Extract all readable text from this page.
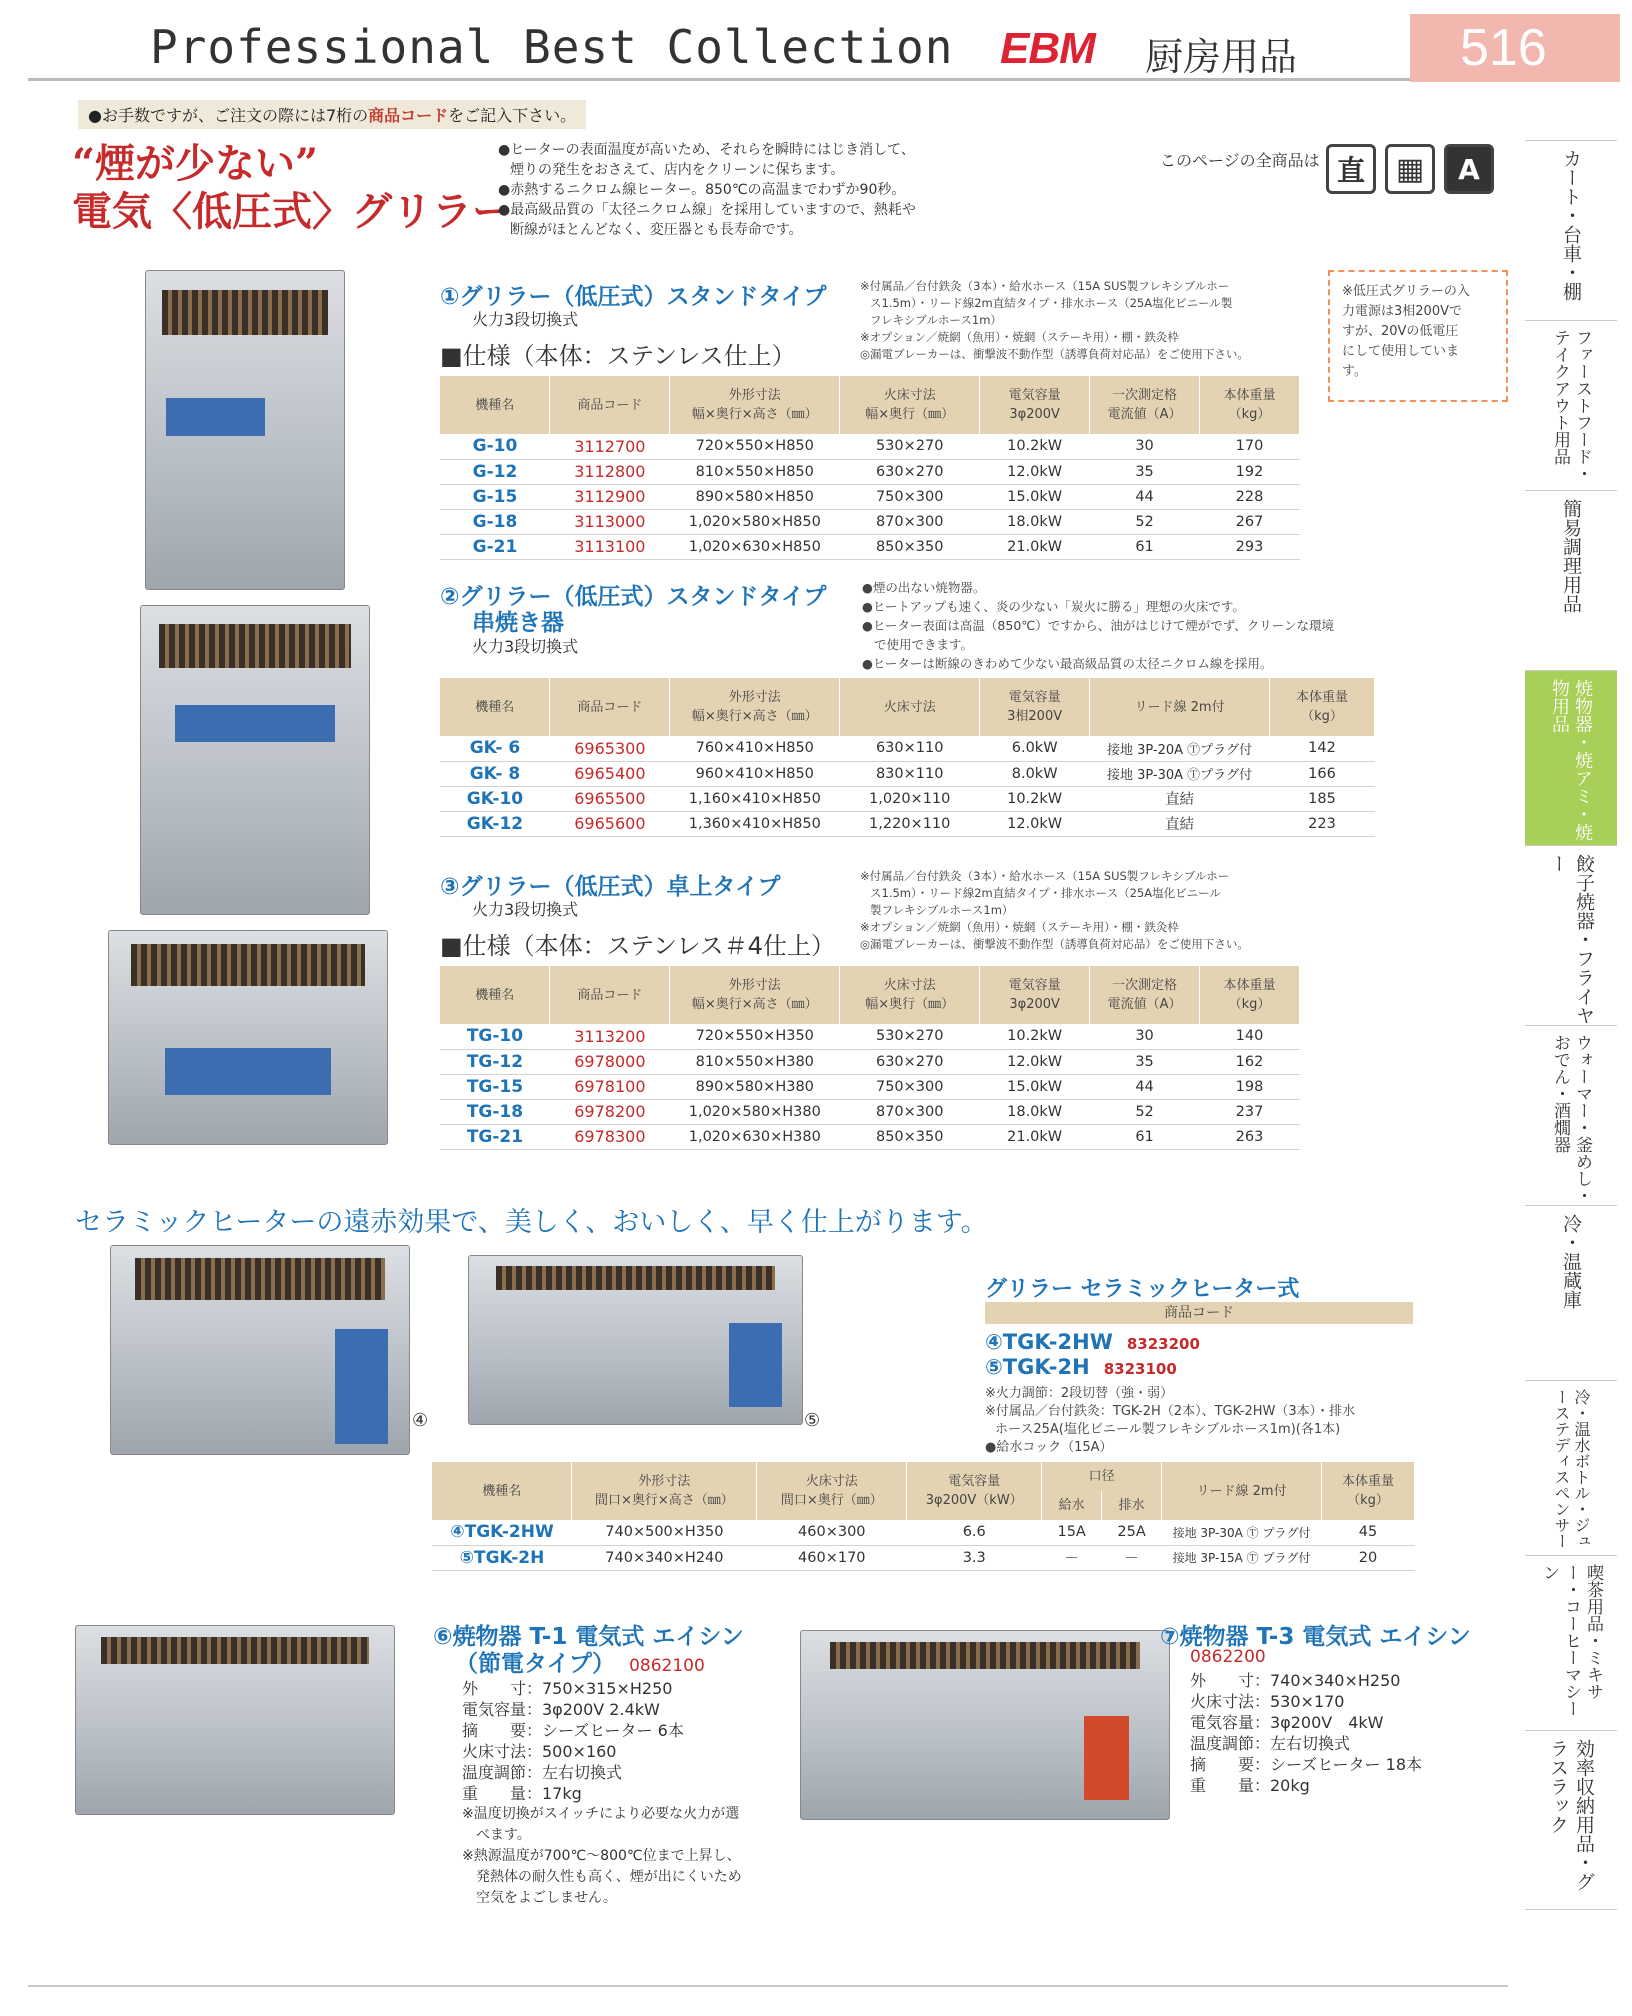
Professional Best Collection EBM 厨房用品	516
●お手数ですが、ご注文の際には7桁の商品コードをご記入下さい。
“煙が少ない”
電気〈低圧式〉グリラー
●ヒーターの表面温度が高いため、それらを瞬時にはじき消して、
煙りの発生をおさえて、店内をクリーンに保ちます。
●赤熱するニクロム線ヒーター。850℃の高温までわずか90秒。
●最高級品質の「太径ニクロム線」を採用していますので、熱耗や
断線がほとんどなく、変圧器とも長寿命です。
このページの全商品は 直	▦	A
※低圧式グリラーの入
力電源は3相200Vで
すが、20Vの低電圧
にして使用していま
す。
カート・台車・棚
ファーストフード・テイクアウト用品
簡易調理用品
焼物器・焼アミ・焼物用品
餃子焼器・フライヤー
ウォーマー・釜めし・おでん・酒燗器
冷・温蔵庫
冷・温水ボトル・ジューステディスペンサー
喫茶用品・ミキサー・コーヒーマシーン
効率収納用品・グラスラック
④	⑤
①グリラー（低圧式）スタンドタイプ
火力3段切換式
■仕様（本体：ステンレス仕上）
※付属品／台付鉄灸（3本）・給水ホース（15A SUS製フレキシブルホー
ス1.5m）・リード線2m直結タイプ・排水ホース（25A塩化ビニール製
フレキシブルホース1m）
※オプション／焼網（魚用）・焼網（ステーキ用）・棚・鉄灸枠
◎漏電ブレーカーは、衝撃波不動作型（誘導負荷対応品）をご使用下さい。
機種名	商品コード	外形寸法
幅×奥行×高さ（㎜）	火床寸法
幅×奥行（㎜）	電気容量
3φ200V	一次測定格
電流値（A）	本体重量
（kg）
G-10	3112700	720×550×H850	530×270	10.2kW	30	170
G-12	3112800	810×550×H850	630×270	12.0kW	35	192
G-15	3112900	890×580×H850	750×300	15.0kW	44	228
G-18	3113000	1,020×580×H850	870×300	18.0kW	52	267
G-21	3113100	1,020×630×H850	850×350	21.0kW	61	293
②グリラー（低圧式）スタンドタイプ
串焼き器
火力3段切換式
●煙の出ない焼物器。
●ヒートアップも速く、炎の少ない「炭火に勝る」理想の火床です。
●ヒーター表面は高温（850℃）ですから、油がはじけて煙がでず、クリーンな環境
で使用できます。
●ヒーターは断線のきわめて少ない最高級品質の太径ニクロム線を採用。
機種名	商品コード	外形寸法
幅×奥行×高さ（㎜）	火床寸法	電気容量
3相200V	リード線 2m付	本体重量
（kg）
GK- 6	6965300	760×410×H850	630×110	6.0kW	接地 3P-20A Ⓣプラグ付	142
GK- 8	6965400	960×410×H850	830×110	8.0kW	接地 3P-30A Ⓣプラグ付	166
GK-10	6965500	1,160×410×H850	1,020×110	10.2kW	直結	185
GK-12	6965600	1,360×410×H850	1,220×110	12.0kW	直結	223
③グリラー（低圧式）卓上タイプ
火力3段切換式
■仕様（本体：ステンレス＃4仕上）
※付属品／台付鉄灸（3本）・給水ホース（15A SUS製フレキシブルホー
ス1.5m）・リード線2m直結タイプ・排水ホース（25A塩化ビニール
製フレキシブルホース1m）
※オプション／焼網（魚用）・焼網（ステーキ用）・棚・鉄灸枠
◎漏電ブレーカーは、衝撃波不動作型（誘導負荷対応品）をご使用下さい。
機種名	商品コード	外形寸法
幅×奥行×高さ（㎜）	火床寸法
幅×奥行（㎜）	電気容量
3φ200V	一次測定格
電流値（A）	本体重量
（kg）
TG-10	3113200	720×550×H350	530×270	10.2kW	30	140
TG-12	6978000	810×550×H380	630×270	12.0kW	35	162
TG-15	6978100	890×580×H380	750×300	15.0kW	44	198
TG-18	6978200	1,020×580×H380	870×300	18.0kW	52	237
TG-21	6978300	1,020×630×H380	850×350	21.0kW	61	263
セラミックヒーターの遠赤効果で、美しく、おいしく、早く仕上がります。
グリラー セラミックヒーター式
商品コード
④TGK-2HW 8323200
⑤TGK-2H 8323100
※火力調節：2段切替（強・弱）
※付属品／台付鉄灸：TGK-2H（2本）、TGK-2HW（3本）・排水
ホース25A(塩化ビニール製フレキシブルホース1m)(各1本)
●給水コック（15A）
機種名	外形寸法
間口×奥行×高さ（㎜）	火床寸法
間口×奥行（㎜）	電気容量
3φ200V（kW）	口径		リード線 2m付	本体重量
（kg）
				給水	排水		
④TGK-2HW	740×500×H350	460×300	6.6	15A	25A	接地 3P-30A Ⓣ プラグ付	45
⑤TGK-2H	740×340×H240	460×170	3.3	－	－	接地 3P-15A Ⓣ プラグ付	20
⑥焼物器 T-1 電気式 エイシン
（節電タイプ） 0862100
外　　寸：750×315×H250
電気容量：3φ200V 2.4kW
摘　　要：シーズヒーター 6本
火床寸法：500×160
温度調節：左右切換式
重　　量：17kg
※温度切換がスイッチにより必要な火力が選
　べます。
※熱源温度が700℃～800℃位まで上昇し、
　発熱体の耐久性も高く、煙が出にくいため
　空気をよごしません。
⑦焼物器 T-3 電気式 エイシン
0862200
外　　寸：740×340×H250
火床寸法：530×170
電気容量：3φ200V　4kW
温度調節：左右切換式
摘　　要：シーズヒーター 18本
重　　量：20kg
